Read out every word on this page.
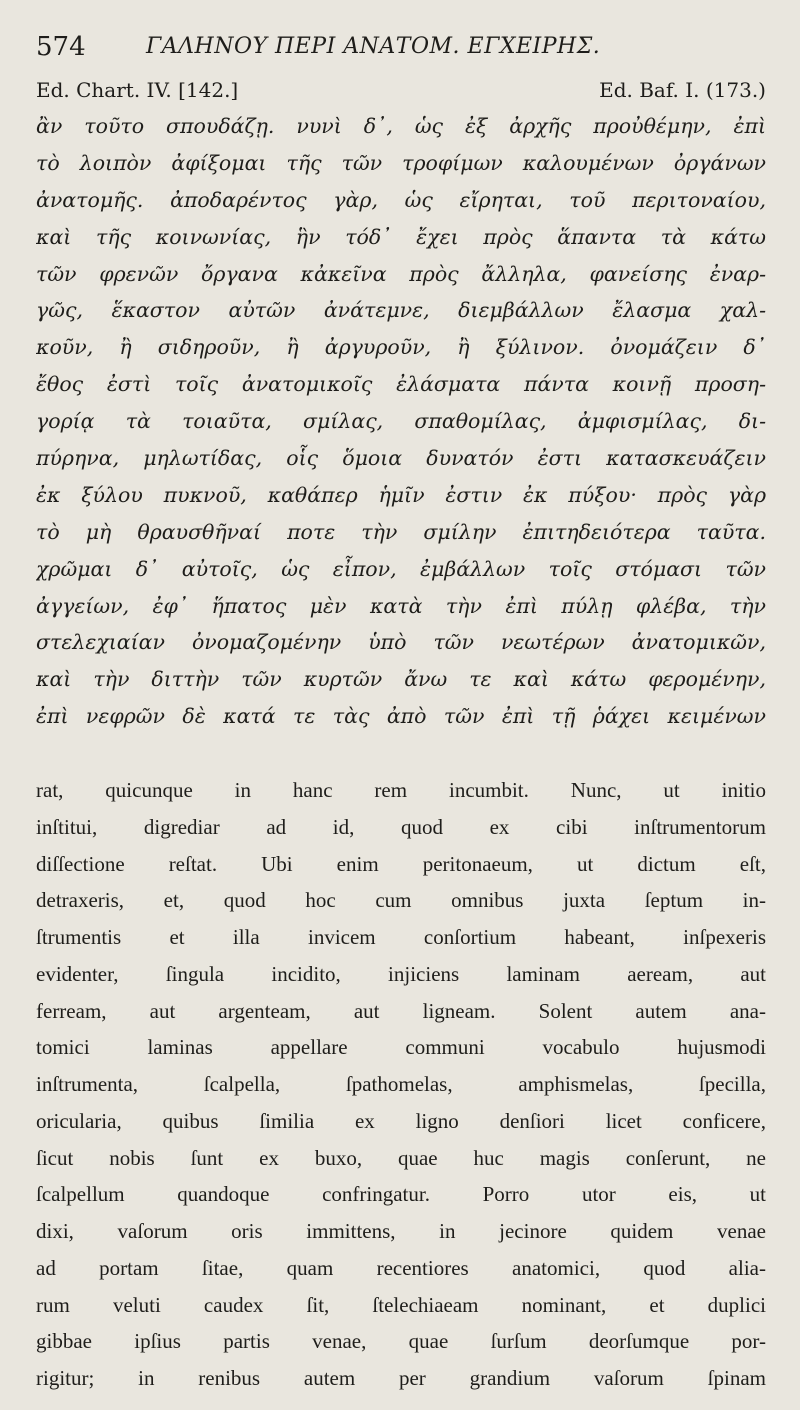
574	ΓΑΛΗΝΟΥ ΠΕΡΙ ΑΝΑΤΟΜ. ΕΓΧΕΙΡΗΣ.
Ed. Chart. IV. [142.]	Ed. Baf. I. (173.)
ἂν τοῦτο σπουδάζῃ. νυνὶ δ᾽, ὡς ἐξ ἀρχῆς προὐθέμην, ἐπὶ
τὸ λοιπὸν ἀφίξομαι τῆς τῶν τροφίμων καλουμένων ὀργάνων
ἀνατομῆς. ἀποδαρέντος γὰρ, ὡς εἴρηται, τοῦ περιτοναίου,
καὶ τῆς κοινωνίας, ἣν τόδ᾽ ἔχει πρὸς ἅπαντα τὰ κάτω
τῶν φρενῶν ὄργανα κἀκεῖνα πρὸς ἄλληλα, φανείσης ἐναρ-
γῶς, ἕκαστον αὐτῶν ἀνάτεμνε, διεμβάλλων ἔλασμα χαλ-
κοῦν, ἢ σιδηροῦν, ἢ ἀργυροῦν, ἢ ξύλινον. ὀνομάζειν δ᾽
ἔθος ἐστὶ τοῖς ἀνατομικοῖς ἐλάσματα πάντα κοινῇ προση-
γορίᾳ τὰ τοιαῦτα, σμίλας, σπαθομίλας, ἀμφισμίλας, δι-
πύρηνα, μηλωτίδας, οἷς ὅμοια δυνατόν ἐστι κατασκευάζειν
ἐκ ξύλου πυκνοῦ, καθάπερ ἡμῖν ἐστιν ἐκ πύξου· πρὸς γὰρ
τὸ μὴ θραυσθῆναί ποτε τὴν σμίλην ἐπιτηδειότερα ταῦτα.
χρῶμαι δ᾽ αὐτοῖς, ὡς εἶπον, ἐμβάλλων τοῖς στόμασι τῶν
ἀγγείων, ἐφ᾽ ἥπατος μὲν κατὰ τὴν ἐπὶ πύλῃ φλέβα, τὴν
στελεχιαίαν ὀνομαζομένην ὑπὸ τῶν νεωτέρων ἀνατομικῶν,
καὶ τὴν διττὴν τῶν κυρτῶν ἄνω τε καὶ κάτω φερομένην,
ἐπὶ νεφρῶν δὲ κατά τε τὰς ἀπὸ τῶν ἐπὶ τῇ ῥάχει κειμένων
rat, quicunque in hanc rem incumbit. Nunc, ut initio
inſtitui, digrediar ad id, quod ex cibi inſtrumentorum
diſſectione reſtat. Ubi enim peritonaeum, ut dictum eſt,
detraxeris, et, quod hoc cum omnibus juxta ſeptum in-
ſtrumentis et illa invicem conſortium habeant, inſpexeris
evidenter, ſingula incidito, injiciens laminam aeream, aut
ferream, aut argenteam, aut ligneam. Solent autem ana-
tomici laminas appellare communi vocabulo hujusmodi
inſtrumenta, ſcalpella, ſpathomelas, amphismelas, ſpecilla,
oricularia, quibus ſimilia ex ligno denſiori licet conficere,
ſicut nobis ſunt ex buxo, quae huc magis conſerunt, ne
ſcalpellum quandoque confringatur. Porro utor eis, ut
dixi, vaſorum oris immittens, in jecinore quidem venae
ad portam ſitae, quam recentiores anatomici, quod alia-
rum veluti caudex ſit, ſtelechiaeam nominant, et duplici
gibbae ipſius partis venae, quae ſurſum deorſumque por-
rigitur; in renibus autem per grandium vaſorum ſpinam
